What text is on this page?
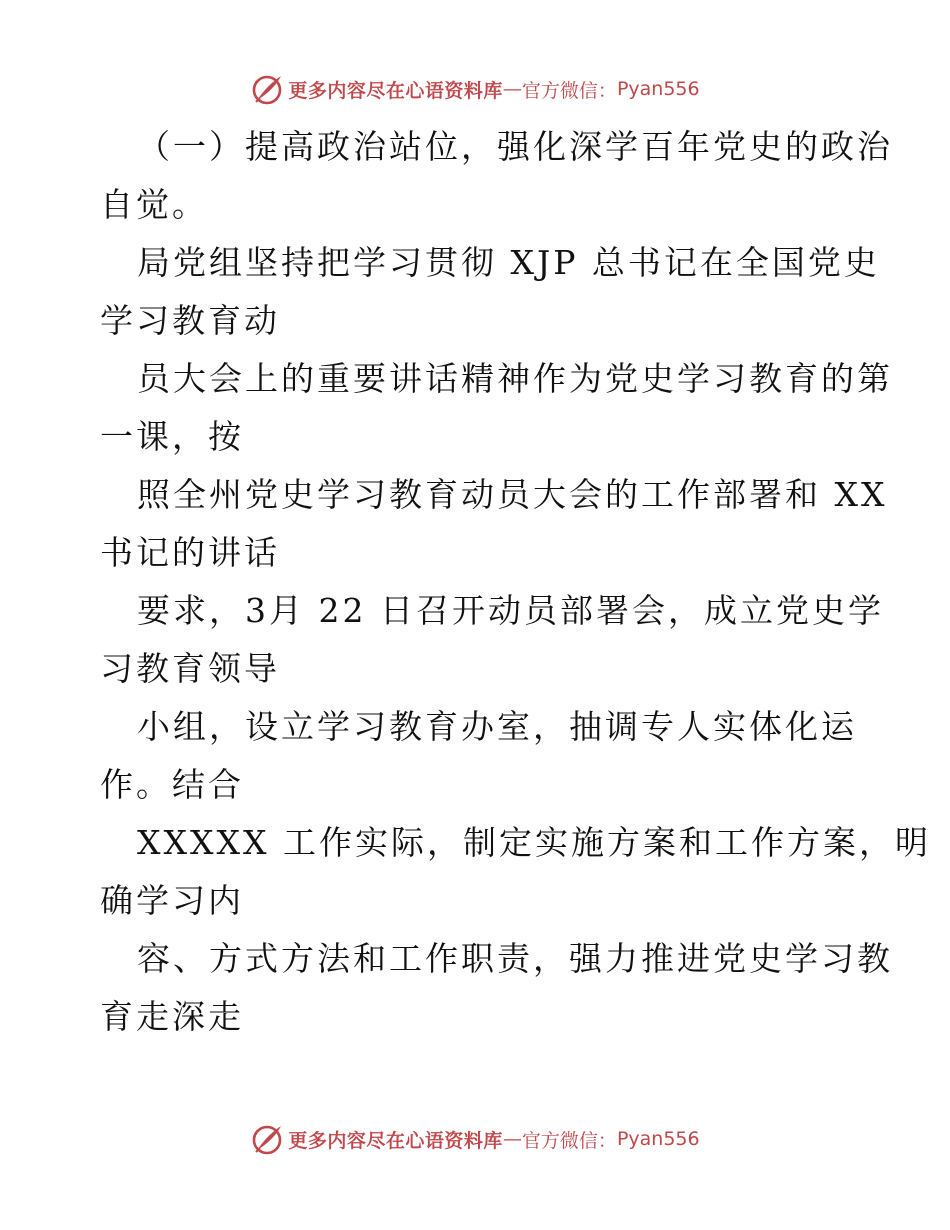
更多内容尽在心语资料库 — 官方微信： Pyan556
（一）提高政治站位，强化深学百年党史的政治
自觉。
局党组坚持把学习贯彻 XJP 总书记在全国党史
学习教育动
员大会上的重要讲话精神作为党史学习教育的第
一课，按
照全州党史学习教育动员大会的工作部署和 XX
书记的讲话
要求，3月 22 日召开动员部署会，成立党史学
习教育领导
小组，设立学习教育办室，抽调专人实体化运
作。结合
XXXXX 工作实际，制定实施方案和工作方案，明
确学习内
容、方式方法和工作职责，强力推进党史学习教
育走深走
更多内容尽在心语资料库 — 官方微信： Pyan556
